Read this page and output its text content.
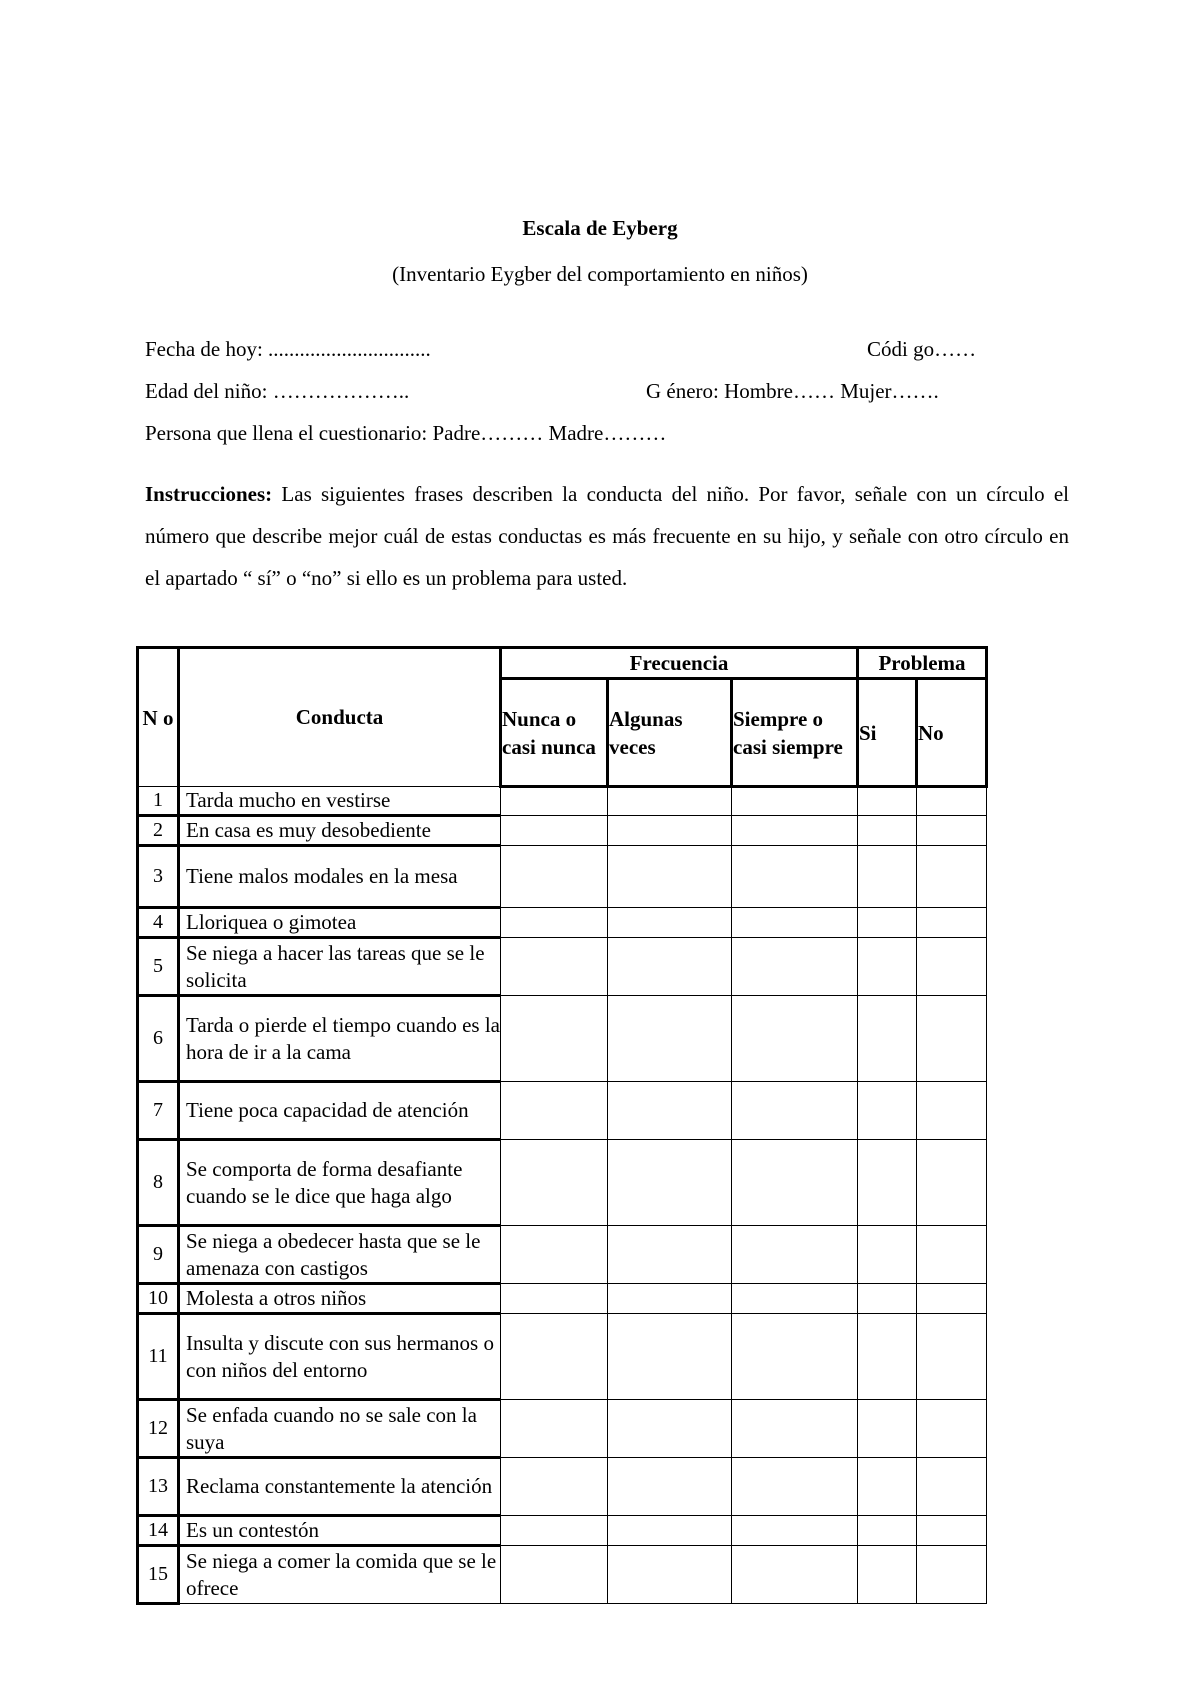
Escala de Eyberg
(Inventario Eygber del comportamiento en niños)
Fecha de hoy: ...............................	Códi go……
Edad del niño: ………………..	G énero: Hombre…… Mujer…….
Persona que llena el cuestionario: Padre……… Madre………
Instrucciones: Las siguientes frases describen la conducta del niño. Por favor, señale con un círculo el número que describe mejor cuál de estas conductas es más frecuente en su hijo, y señale con otro círculo en el apartado “ sí” o “no” si ello es un problema para usted.
N o	Conducta	Frecuencia			Problema	
		Nunca o casi nunca	Algunas veces	Siempre o casi siempre	Si	No
1	Tarda mucho en vestirse					
2	En casa es muy desobediente					
3	Tiene malos modales en la mesa					
4	Lloriquea o gimotea					
5	Se niega a hacer las tareas que se le solicita					
6	Tarda o pierde el tiempo cuando es la hora de ir a la cama					
7	Tiene poca capacidad de atención					
8	Se comporta de forma desafiante cuando se le dice que haga algo					
9	Se niega a obedecer hasta que se le amenaza con castigos					
10	Molesta a otros niños					
11	Insulta y discute con sus hermanos o con niños del entorno					
12	Se enfada cuando no se sale con la suya					
13	Reclama constantemente la atención					
14	Es un contestón					
15	Se niega a comer la comida que se le ofrece					
